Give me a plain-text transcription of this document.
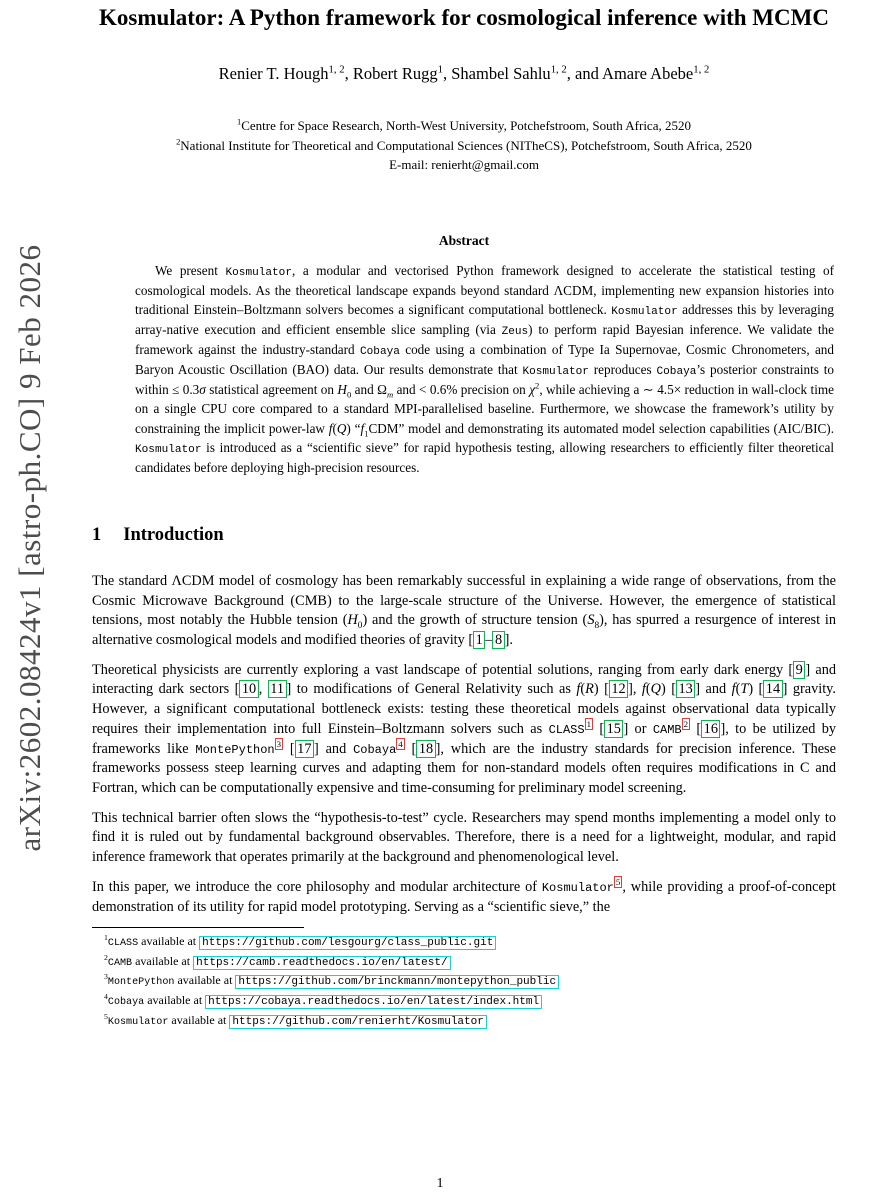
arXiv:2602.08424v1 [astro-ph.CO] 9 Feb 2026
Kosmulator: A Python framework for cosmological inference with MCMC
Renier T. Hough$^{1, 2}$, Robert Rugg$^1$, Shambel Sahlu$^{1, 2}$, and Amare Abebe$^{1, 2}$
$^1$Centre for Space Research, North-West University, Potchefstroom, South Africa, 2520
$^2$National Institute for Theoretical and Computational Sciences (NITheCS), Potchefstroom, South Africa, 2520
E-mail: renierht@gmail.com
Abstract

We present Kosmulator, a modular and vectorised Python framework designed to accelerate the statistical testing of cosmological models. As the theoretical landscape expands beyond standard ΛCDM, implementing new expansion histories into traditional Einstein–Boltzmann solvers becomes a significant computational bottleneck. Kosmulator addresses this by leveraging array-native execution and efficient ensemble slice sampling (via Zeus) to perform rapid Bayesian inference. We validate the framework against the industry-standard Cobaya code using a combination of Type Ia Supernovae, Cosmic Chronometers, and Baryon Acoustic Oscillation (BAO) data. Our results demonstrate that Kosmulator reproduces Cobaya’s posterior constraints to within ≤ 0.3σ statistical agreement on $H_0$ and $\Omega_m$ and < 0.6% precision on $\chi^2$, while achieving a ∼ 4.5× reduction in wall-clock time on a single CPU core compared to a standard MPI-parallelised baseline. Furthermore, we showcase the framework’s utility by constraining the implicit power-law f(Q) “$f_1CDM$” model and demonstrating its automated model selection capabilities (AIC/BIC). Kosmulator is introduced as a “scientific sieve” for rapid hypothesis testing, allowing researchers to efficiently filter theoretical candidates before deploying high-precision resources.

1 Introduction

The standard ΛCDM model of cosmology has been remarkably successful in explaining a wide range of observations, from the Cosmic Microwave Background (CMB) to the large-scale structure of the Universe. However, the emergence of statistical tensions, most notably the Hubble tension $(H_0)$ and the growth of structure tension $(S_8)$, has spurred a resurgence of interest in alternative cosmological models and modified theories of gravity [ 1 – 8 ].

Theoretical physicists are currently exploring a vast landscape of potential solutions, ranging from early dark energy [ 9 ] and interacting dark sectors [ 10 , 11 ] to modifications of General Relativity such as f(R) [ 12 ], f(Q) [ 13 ] and f(T) [ 14 ] gravity. However, a significant computational bottleneck exists: testing these theoretical models against observational data typically requires their implementation into full Einstein–Boltzmann solvers such as CLASS $^1$ [ 15 ] or CAMB $^2$ [ 16 ], to be utilized by frameworks like MontePython $^3$ [ 17 ] and Cobaya $^4$ [ 18 ], which are the industry standards for precision inference. These frameworks possess steep learning curves and adapting them for non-standard models often requires modifications in C and Fortran, which can be computationally expensive and time-consuming for preliminary model screening.

This technical barrier often slows the “hypothesis-to-test” cycle. Researchers may spend months implementing a model only to find it is ruled out by fundamental background observables. Therefore, there is a need for a lightweight, modular, and rapid inference framework that operates primarily at the background and phenomenological level.

In this paper, we introduce the core philosophy and modular architecture of Kosmulator $^5$ , while providing a proof-of-concept demonstration of its utility for rapid model prototyping. Serving as a “scientific sieve,” the

$^1$CLASS available at https://github.com/lesgourg/class_public.git
$^2$CAMB available at https://camb.readthedocs.io/en/latest/
$^3$MontePython available at https://github.com/brinckmann/montepython_public
$^4$Cobaya available at https://cobaya.readthedocs.io/en/latest/index.html
$^5$Kosmulator available at https://github.com/renierht/Kosmulator
1
